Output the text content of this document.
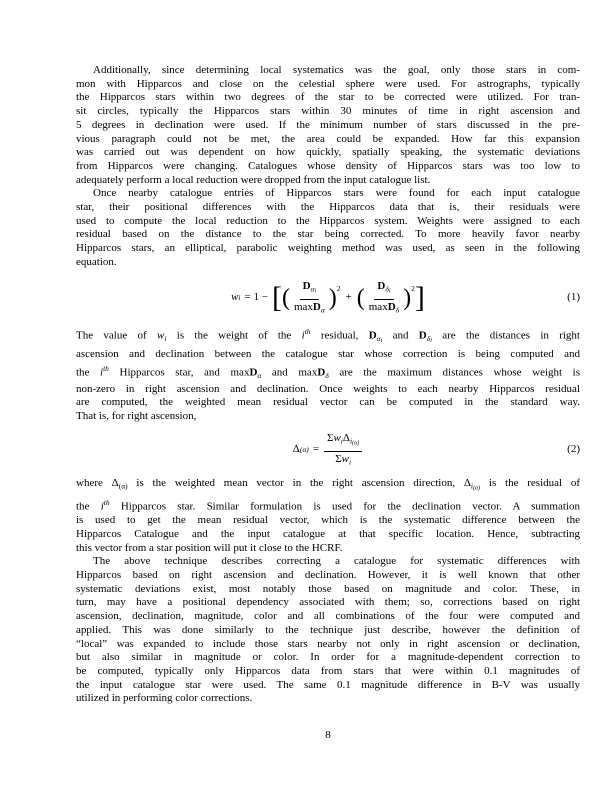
Additionally, since determining local systematics was the goal, only those stars in com-
mon with Hipparcos and close on the celestial sphere were used. For astrographs, typically
the Hipparcos stars within two degrees of the star to be corrected were utilized. For tran-
sit circles, typically the Hipparcos stars within 30 minutes of time in right ascension and
5 degrees in declination were used. If the minimum number of stars discussed in the pre-
vious paragraph could not be met, the area could be expanded. How far this expansion
was carried out was dependent on how quickly, spatially speaking, the systematic deviations
from Hipparcos were changing. Catalogues whose density of Hipparcos stars was too low to
adequately perform a local reduction were dropped from the input catalogue list.
Once nearby catalogue entries of Hipparcos stars were found for each input catalogue
star, their positional differences with the Hipparcos data that is, their residuals were
used to compute the local reduction to the Hipparcos system. Weights were assigned to each
residual based on the distance to the star being corrected. To more heavily favor nearby
Hipparcos stars, an elliptical, parabolic weighting method was used, as seen in the following
equation.
w i = 1 − [ ( $\frac{D_{\alpha i}}{\max D_\alpha}$ ) 2
+ ( $\frac{D_{\delta i}}{\max D_\delta}$ ) 2 ]	(1)
The value of $w_i$ is the weight of the $i^{th}$ residual, $D_{\alpha i}$ and $D_{\delta i}$ are the distances in right
ascension and declination between the catalogue star whose correction is being computed and
the $i^{th}$ Hipparcos star, and maxD$_\alpha$ and maxD$_\delta$ are the maximum distances whose weight is
non-zero in right ascension and declination. Once weights to each nearby Hipparcos residual
are computed, the weighted mean residual vector can be computed in the standard way.
That is, for right ascension,
Δ $(\alpha) = \frac{\Sigma w_i\Delta_{i(\alpha)}}{\Sigma w_i}$	(2)
where $\Delta_{(\alpha)}$ is the weighted mean vector in the right ascension direction, $\Delta_{i(\alpha)}$ is the residual of
the $i^{th}$ Hipparcos star. Similar formulation is used for the declination vector. A summation
is used to get the mean residual vector, which is the systematic difference between the
Hipparcos Catalogue and the input catalogue at that specific location. Hence, subtracting
this vector from a star position will put it close to the HCRF.
The above technique describes correcting a catalogue for systematic differences with
Hipparcos based on right ascension and declination. However, it is well known that other
systematic deviations exist, most notably those based on magnitude and color. These, in
turn, may have a positional dependency associated with them; so, corrections based on right
ascension, declination, magnitude, color and all combinations of the four were computed and
applied. This was done similarly to the technique just describe, however the definition of
“local” was expanded to include those stars nearby not only in right ascension or declination,
but also similar in magnitude or color. In order for a magnitude-dependent correction to
be computed, typically only Hipparcos data from stars that were within 0.1 magnitudes of
the input catalogue star were used. The same 0.1 magnitude difference in B-V was usually
utilized in performing color corrections.
8
